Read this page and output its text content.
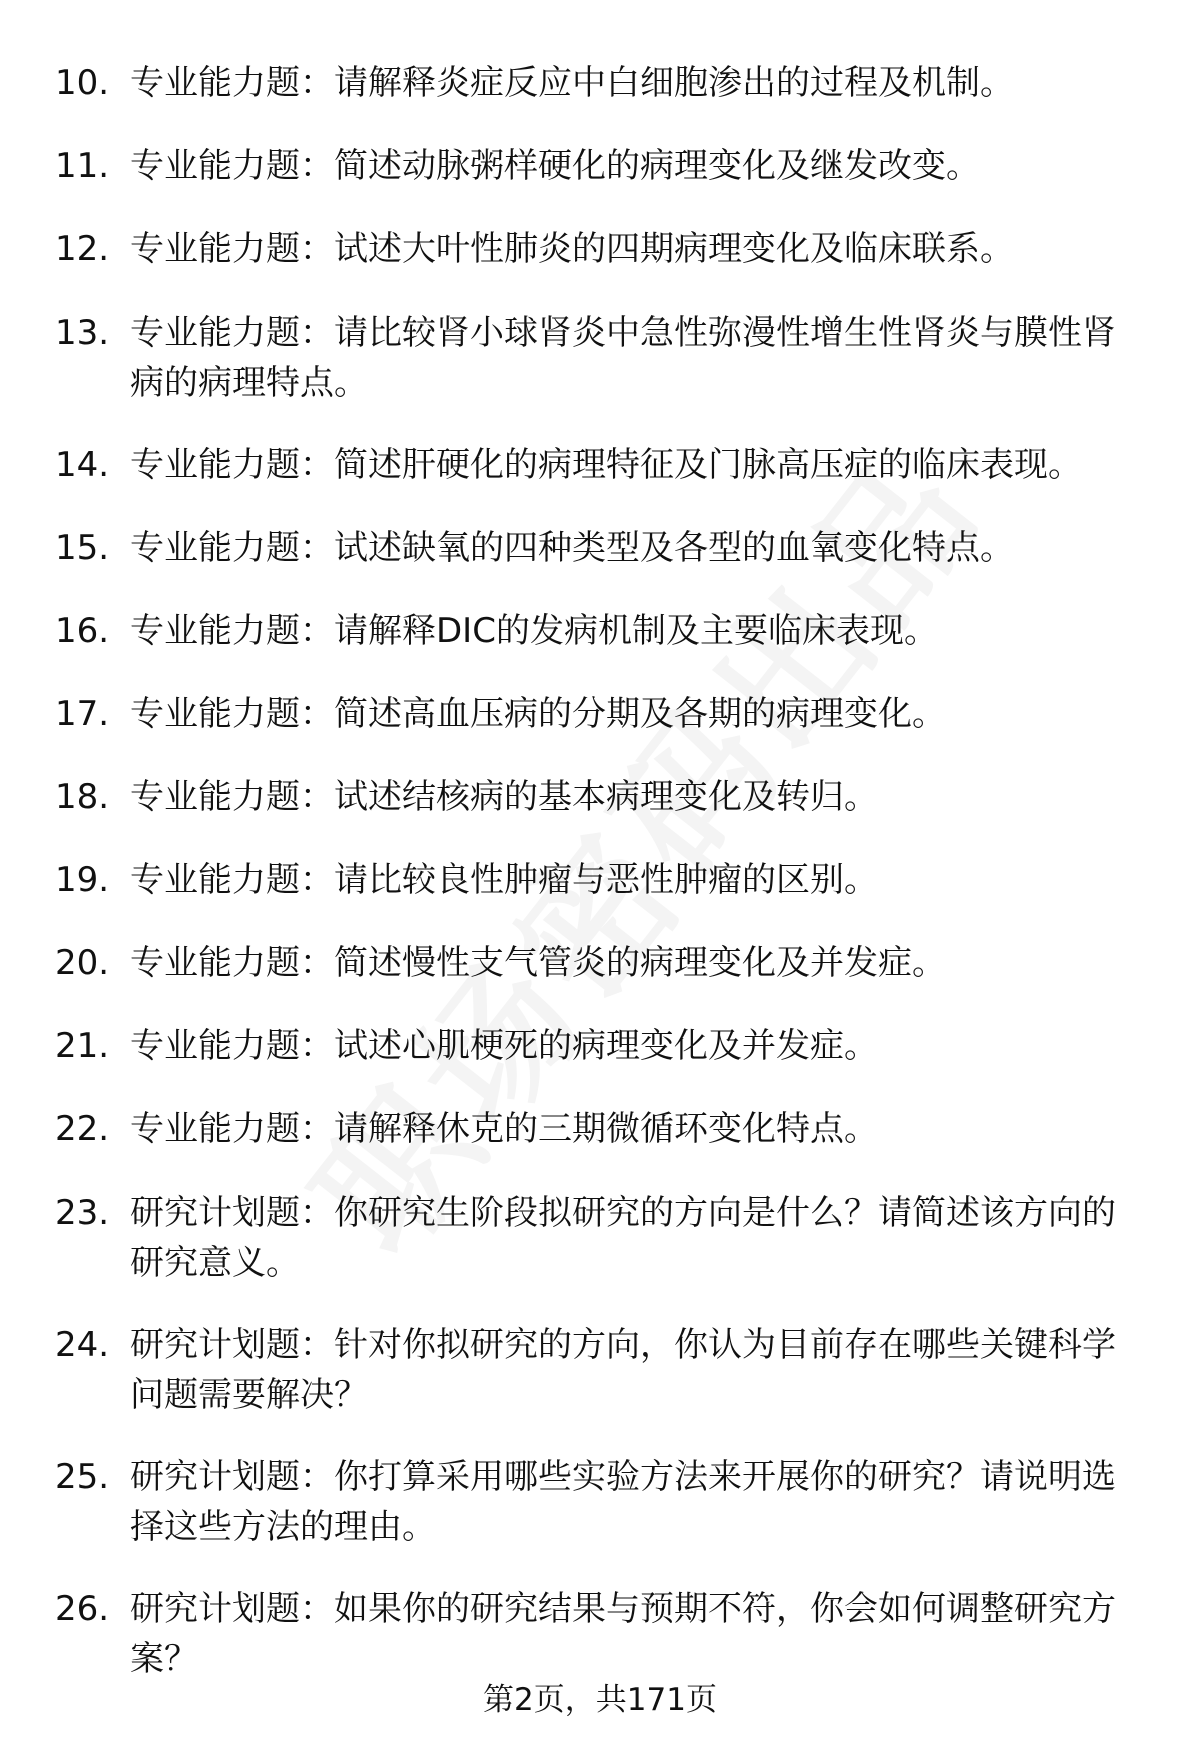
10. 专业能力题：请解释炎症反应中白细胞渗出的过程及机制。
11. 专业能力题：简述动脉粥样硬化的病理变化及继发改变。
12. 专业能力题：试述大叶性肺炎的四期病理变化及临床联系。
13. 专业能力题：请比较肾小球肾炎中急性弥漫性增生性肾炎与膜性肾病的病理特点。
14. 专业能力题：简述肝硬化的病理特征及门脉高压症的临床表现。
15. 专业能力题：试述缺氧的四种类型及各型的血氧变化特点。
16. 专业能力题：请解释DIC的发病机制及主要临床表现。
17. 专业能力题：简述高血压病的分期及各期的病理变化。
18. 专业能力题：试述结核病的基本病理变化及转归。
19. 专业能力题：请比较良性肿瘤与恶性肿瘤的区别。
20. 专业能力题：简述慢性支气管炎的病理变化及并发症。
21. 专业能力题：试述心肌梗死的病理变化及并发症。
22. 专业能力题：请解释休克的三期微循环变化特点。
23. 研究计划题：你研究生阶段拟研究的方向是什么？请简述该方向的研究意义。
24. 研究计划题：针对你拟研究的方向，你认为目前存在哪些关键科学问题需要解决？
25. 研究计划题：你打算采用哪些实验方法来开展你的研究？请说明选择这些方法的理由。
26. 研究计划题：如果你的研究结果与预期不符，你会如何调整研究方案？
第2页，共171页
